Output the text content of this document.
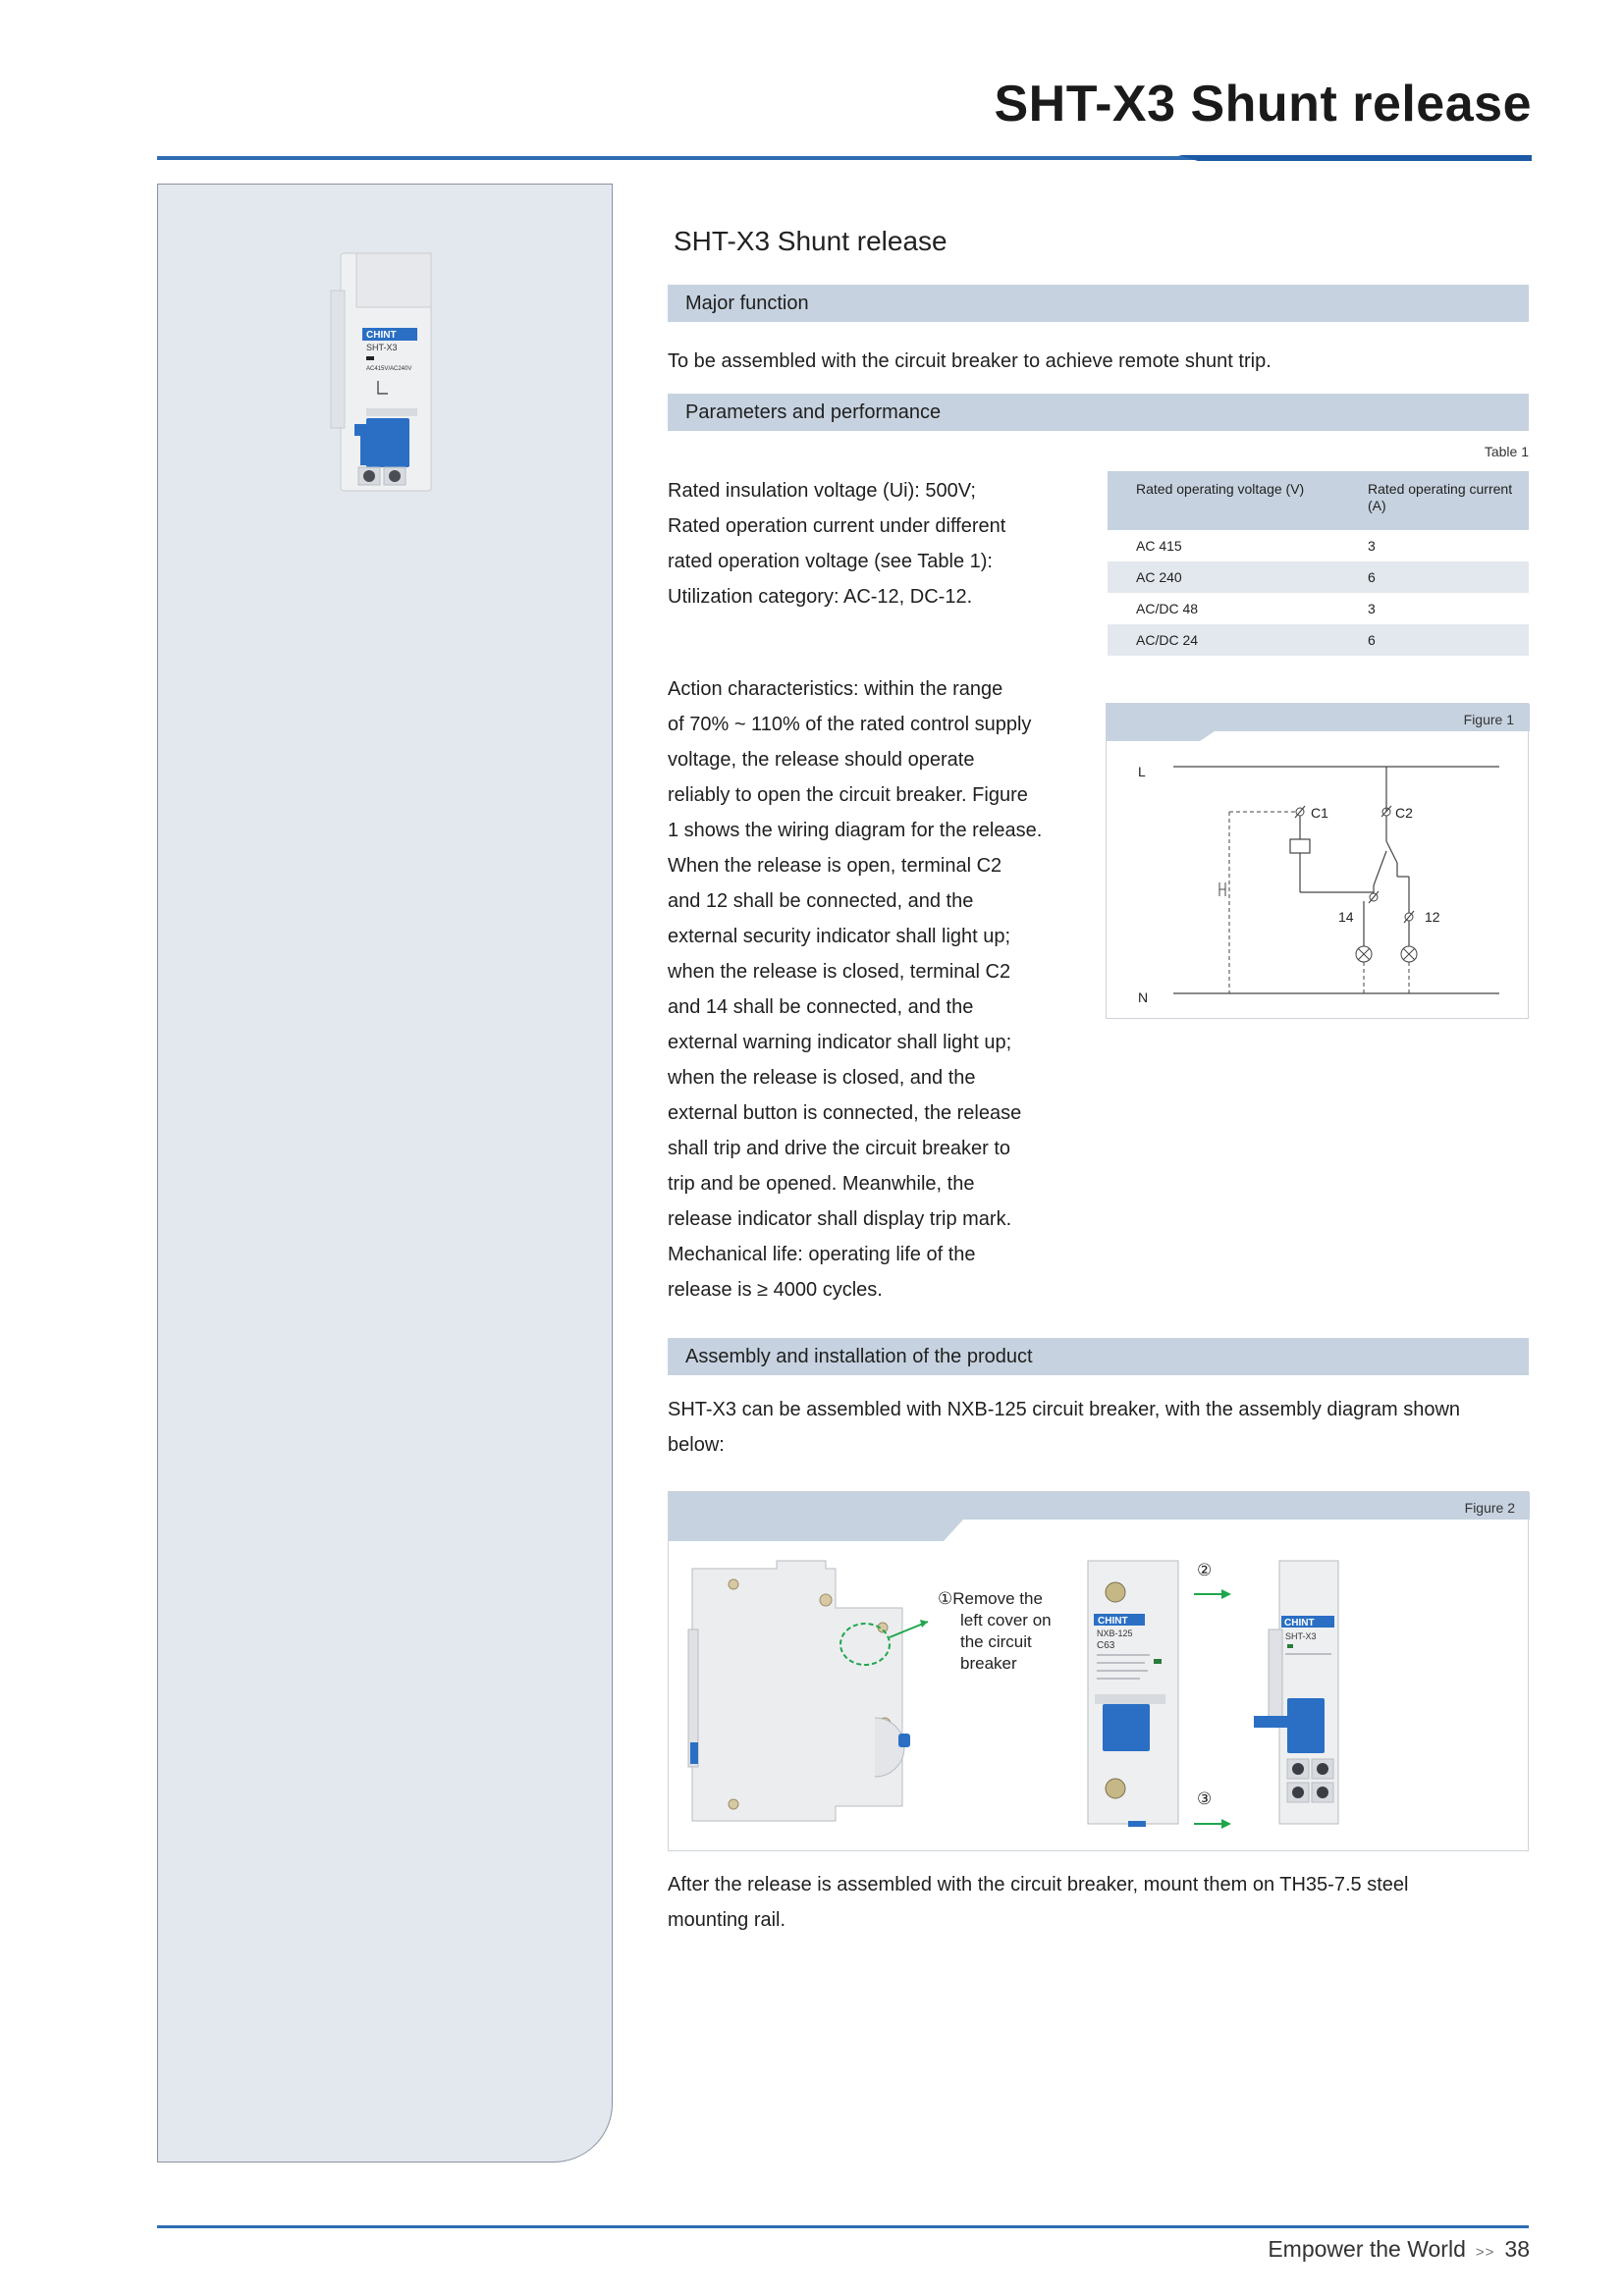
SHT-X3 Shunt release
CHINT
SHT-X3
AC415V/AC240V
SHT-X3 Shunt release
Major function
To be assembled with the circuit breaker to achieve remote shunt trip.
Parameters and performance
Rated insulation voltage (Ui): 500V;
Rated operation current under different
rated operation voltage (see Table 1):
Utilization category: AC-12, DC-12.
Table 1
Rated operating voltage (V)	Rated operating current (A)
AC 415	3
AC 240	6
AC/DC 48	3
AC/DC 24	6
Action characteristics: within the range
of 70% ~ 110% of the rated control supply
voltage, the release should operate
reliably to open the circuit breaker. Figure
1 shows the wiring diagram for the release.
When the release is open, terminal C2
and 12 shall be connected, and the
external security indicator shall light up;
when the release is closed, terminal C2
and 14 shall be connected, and the
external warning indicator shall light up;
when the release is closed, and the
external button is connected, the release
shall trip and drive the circuit breaker to
trip and be opened. Meanwhile, the
release indicator shall display trip mark.
Mechanical life: operating life of the
release is ≥ 4000 cycles.
Figure 1
L
N
C2
14	12
C1
Assembly and installation of the product
SHT-X3 can be assembled with NXB-125 circuit breaker, with the assembly diagram shown
below:
Figure 2
①Remove the
left cover on
the circuit
breaker
CHINT
NXB-125
C63
②
③
CHINT
SHT-X3
After the release is assembled with the circuit breaker, mount them on TH35-7.5 steel
mounting rail.
Empower the World >> 38
